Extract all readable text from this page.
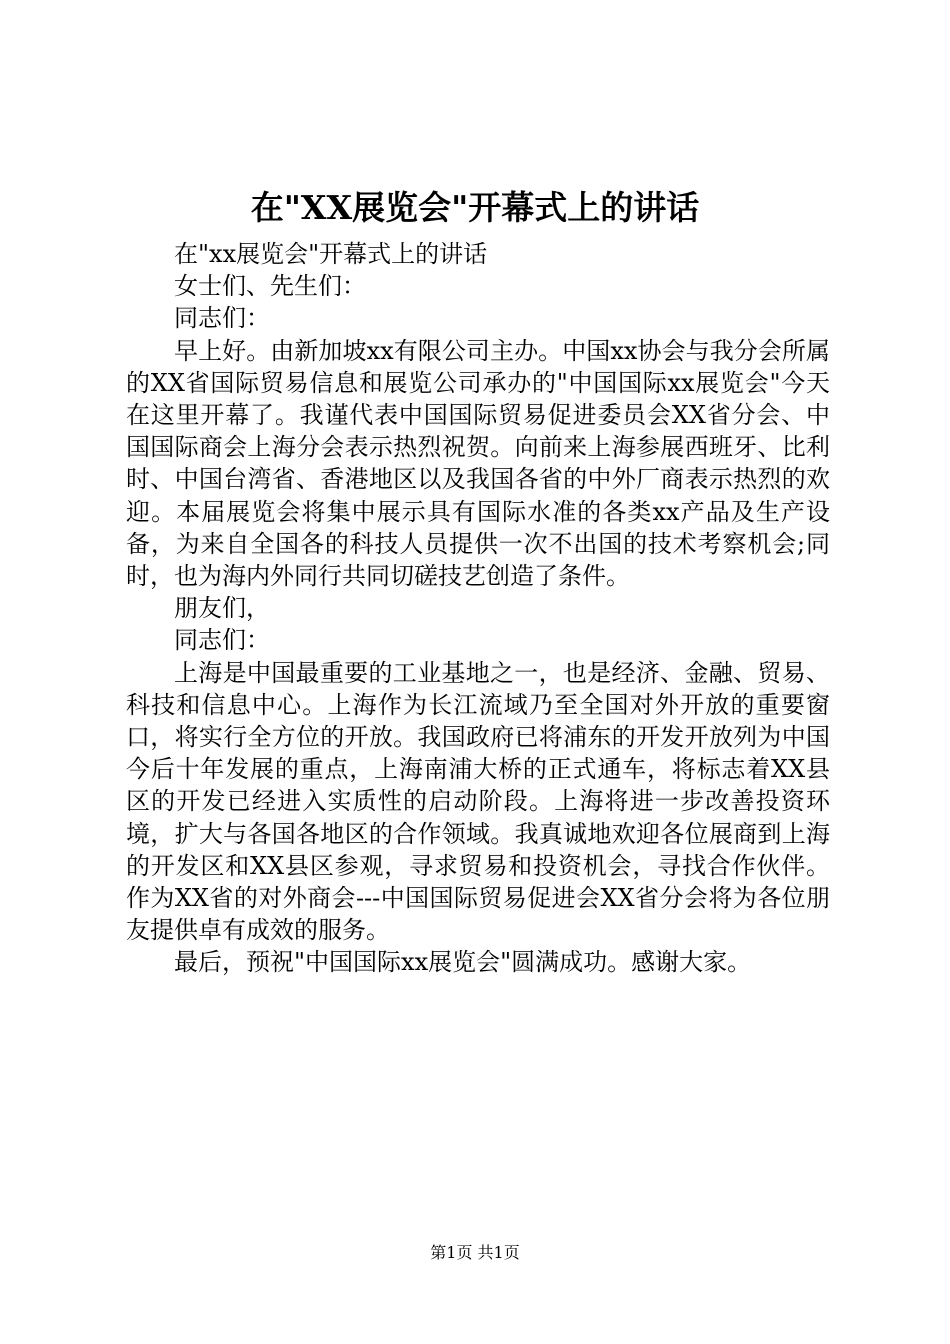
在"XX展览会"开幕式上的讲话

在"xx展览会"开幕式上的讲话

女士们、先生们：

同志们：

早上好。由新加坡xx有限公司主办。中国xx协会与我分会所属的XX省国际贸易信息和展览公司承办的"中国国际xx展览会"今天在这里开幕了。我谨代表中国国际贸易促进委员会XX省分会、中国国际商会上海分会表示热烈祝贺。向前来上海参展西班牙、比利时、中国台湾省、香港地区以及我国各省的中外厂商表示热烈的欢迎。本届展览会将集中展示具有国际水准的各类xx产品及生产设备，为来自全国各的科技人员提供一次不出国的技术考察机会;同时，也为海内外同行共同切磋技艺创造了条件。

朋友们，

同志们：

上海是中国最重要的工业基地之一，也是经济、金融、贸易、科技和信息中心。上海作为长江流域乃至全国对外开放的重要窗口，将实行全方位的开放。我国政府已将浦东的开发开放列为中国今后十年发展的重点，上海南浦大桥的正式通车，将标志着XX县区的开发已经进入实质性的启动阶段。上海将进一步改善投资环境，扩大与各国各地区的合作领域。我真诚地欢迎各位展商到上海的开发区和XX县区参观，寻求贸易和投资机会，寻找合作伙伴。作为XX省的对外商会---中国国际贸易促进会XX省分会将为各位朋友提供卓有成效的服务。

最后，预祝"中国国际xx展览会"圆满成功。感谢大家。

第1页 共1页
